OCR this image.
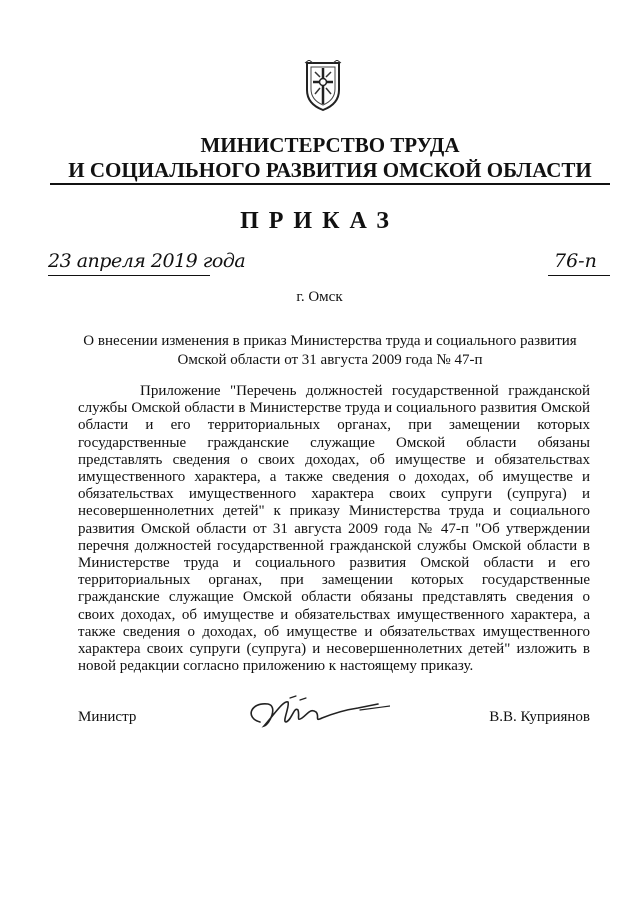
МИНИСТЕРСТВО ТРУДА
И СОЦИАЛЬНОГО РАЗВИТИЯ ОМСКОЙ ОБЛАСТИ
ПРИКАЗ
23 апреля 2019 года	76-п
г. Омск
О внесении изменения в приказ Министерства труда и социального развития
Омской области от 31 августа 2009 года № 47-п

Приложение "Перечень должностей государственной гражданской службы Омской области в Министерстве труда и социального развития Омской области и его территориальных органах, при замещении которых государственные гражданские служащие Омской области обязаны представлять сведения о своих доходах, об имуществе и обязательствах имущественного характера, а также сведения о доходах, об имуществе и обязательствах имущественного характера своих супруги (супруга) и несовершеннолетних детей" к приказу Министерства труда и социального развития Омской области от 31 августа 2009 года № 47-п "Об утверждении перечня должностей государственной гражданской службы Омской области в Министерстве труда и социального развития Омской области и его территориальных органах, при замещении которых государственные гражданские служащие Омской области обязаны представлять сведения о своих доходах, об имуществе и обязательствах имущественного характера, а также сведения о доходах, об имуществе и обязательствах имущественного характера своих супруги (супруга) и несовершеннолетних детей" изложить в новой редакции согласно приложению к настоящему приказу.

Министр	В.В. Куприянов
